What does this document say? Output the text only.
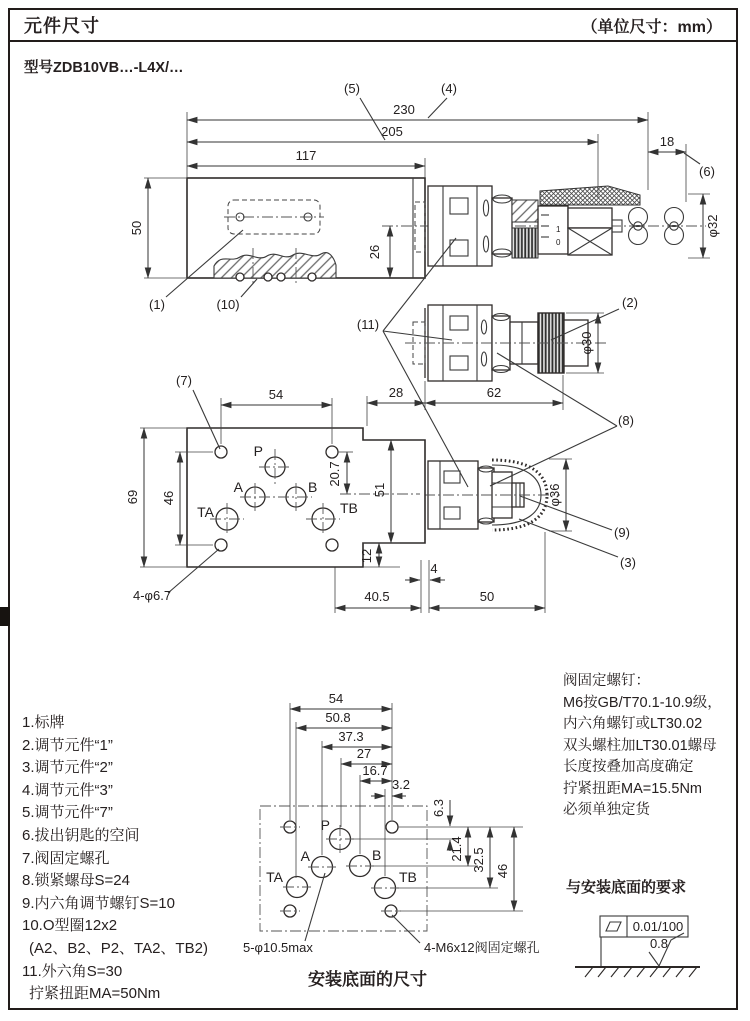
元件尺寸	（单位尺寸：mm）
型号ZDB10VB…-L4X/…
1
0
117
205
230
50
26
18
φ32
φ30
28	62
φ36
4
40.5	50
P
A	B
TA	TB
54
46
69
20.7
51
12
4-φ6.7
(5)	(4)
(6)
(1)	(10)	(2)
(11)
(8)
(9)
(3)
(7)
P
A	B
TA	TB
54
50.8
37.3
27
16.7
3.2
6.3
21.4 32.5 46
5-φ10.5max	4-M6x12阀固定螺孔
0.01/100
0.8
1.标牌
2.调节元件“1”
3.调节元件“2”
4.调节元件“3”
5.调节元件“7”
6.拔出钥匙的空间
7.阀固定螺孔
8.锁紧螺母S=24
9.内六角调节螺钉S=10
10.O型圈12x2
(A2、B2、P2、TA2、TB2)
11.外六角S=30
拧紧扭距MA=50Nm
阀固定螺钉：
M6按GB/T70.1-10.9级，
内六角螺钉或LT30.02
双头螺柱加LT30.01螺母
长度按叠加高度确定
拧紧扭距MA=15.5Nm
必须单独定货
安装底面的尺寸
与安装底面的要求
